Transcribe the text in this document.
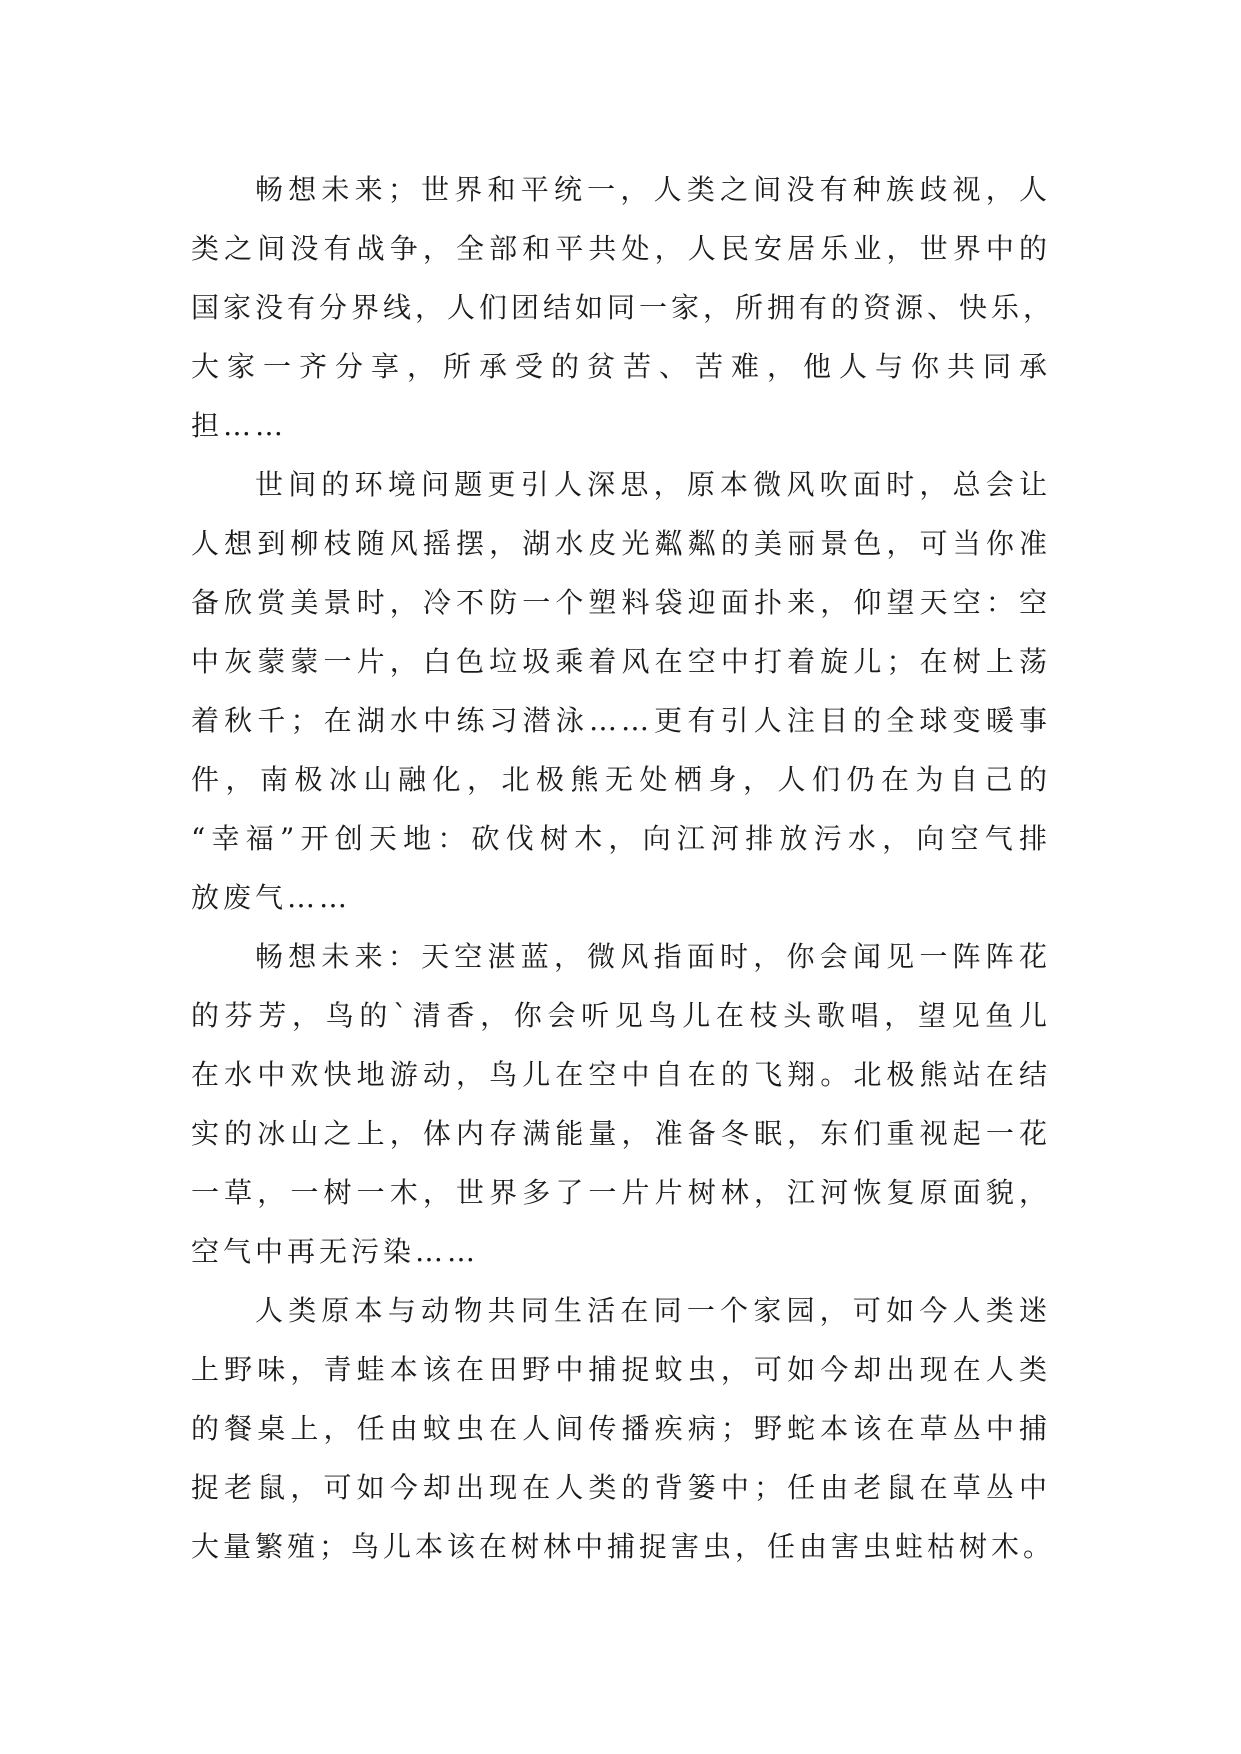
畅想未来；世界和平统一，人类之间没有种族歧视，人
类之间没有战争，全部和平共处，人民安居乐业，世界中的
国家没有分界线，人们团结如同一家，所拥有的资源、快乐，
大家一齐分享，所承受的贫苦、苦难，他人与你共同承
担……
世间的环境问题更引人深思，原本微风吹面时，总会让
人想到柳枝随风摇摆，湖水皮光粼粼的美丽景色，可当你准
备欣赏美景时，冷不防一个塑料袋迎面扑来，仰望天空：空
中灰蒙蒙一片，白色垃圾乘着风在空中打着旋儿；在树上荡
着秋千；在湖水中练习潜泳……更有引人注目的全球变暖事
件，南极冰山融化，北极熊无处栖身，人们仍在为自己的
“幸福”开创天地：砍伐树木，向江河排放污水，向空气排
放废气……
畅想未来：天空湛蓝，微风指面时，你会闻见一阵阵花
的芬芳，鸟的`清香，你会听见鸟儿在枝头歌唱，望见鱼儿
在水中欢快地游动，鸟儿在空中自在的飞翔。北极熊站在结
实的冰山之上，体内存满能量，准备冬眠，东们重视起一花
一草，一树一木，世界多了一片片树林，江河恢复原面貌，
空气中再无污染……
人类原本与动物共同生活在同一个家园，可如今人类迷
上野味，青蛙本该在田野中捕捉蚊虫，可如今却出现在人类
的餐桌上，任由蚊虫在人间传播疾病；野蛇本该在草丛中捕
捉老鼠，可如今却出现在人类的背篓中；任由老鼠在草丛中
大量繁殖；鸟儿本该在树林中捕捉害虫，任由害虫蛀枯树木。
